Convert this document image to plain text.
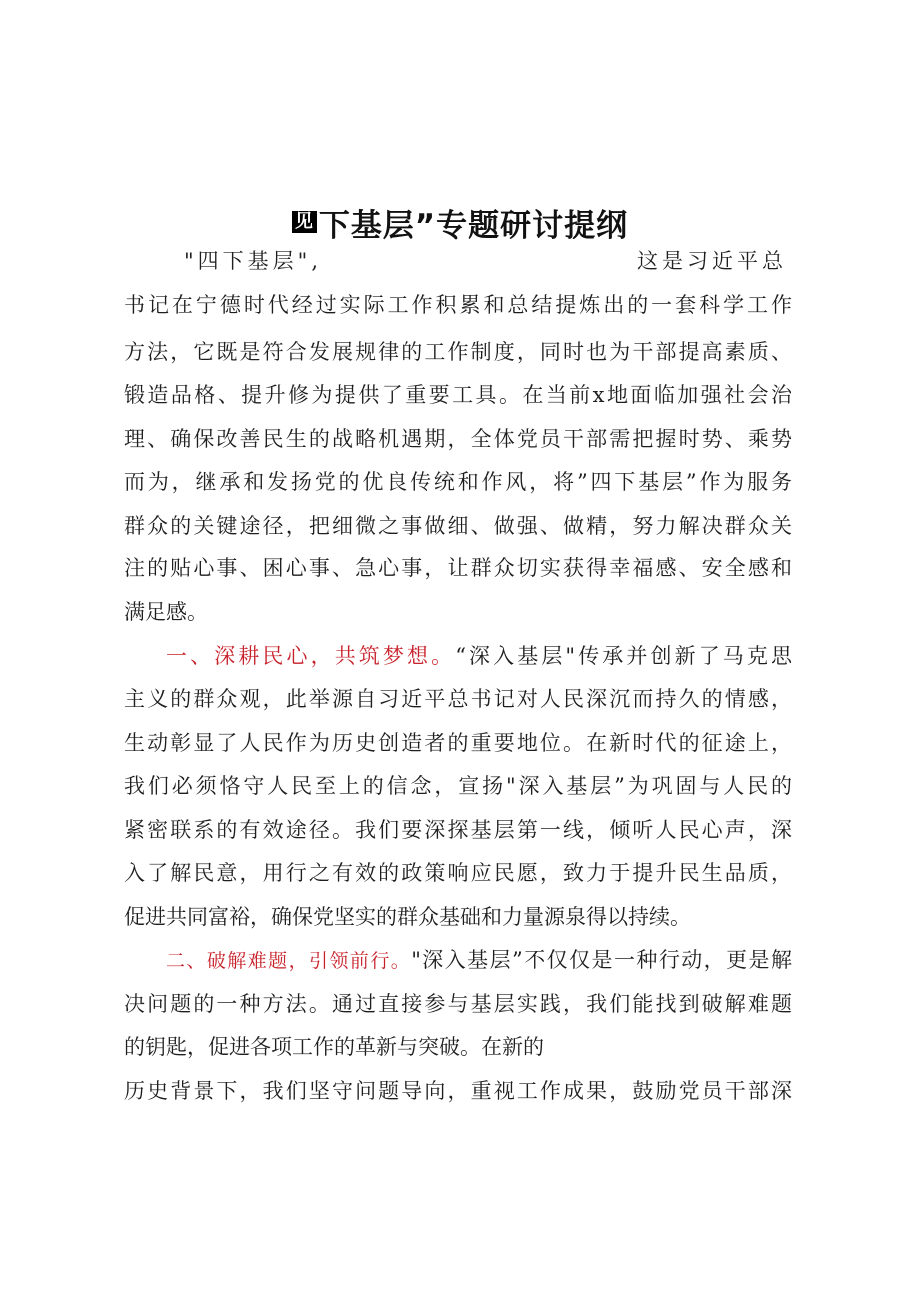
见 下基层”专题研讨提纲
"四下基层",	这是习近平总
书记在宁德时代经过实际工作积累和总结提炼出的一套科学工作
方法，它既是符合发展规律的工作制度，同时也为干部提高素质、
锻造品格、提升修为提供了重要工具。在当前x地面临加强社会治
理、确保改善民生的战略机遇期，全体党员干部需把握时势、乘势
而为，继承和发扬党的优良传统和作风，将”四下基层”作为服务
群众的关键途径，把细微之事做细、做强、做精，努力解决群众关
注的贴心事、困心事、急心事，让群众切实获得幸福感、安全感和
满足感。
一、深耕民心，共筑梦想。“深入基层"传承并创新了马克思
主义的群众观，此举源自习近平总书记对人民深沉而持久的情感，
生动彰显了人民作为历史创造者的重要地位。在新时代的征途上，
我们必须恪守人民至上的信念，宣扬"深入基层”为巩固与人民的
紧密联系的有效途径。我们要深探基层第一线，倾听人民心声，深
入了解民意，用行之有效的政策响应民愿，致力于提升民生品质，
促进共同富裕，确保党坚实的群众基础和力量源泉得以持续。
二、破解难题，引领前行。"深入基层”不仅仅是一种行动，更是解
决问题的一种方法。通过直接参与基层实践，我们能找到破解难题
的钥匙，促进各项工作的革新与突破。在新的
历史背景下，我们坚守问题导向，重视工作成果，鼓励党员干部深
